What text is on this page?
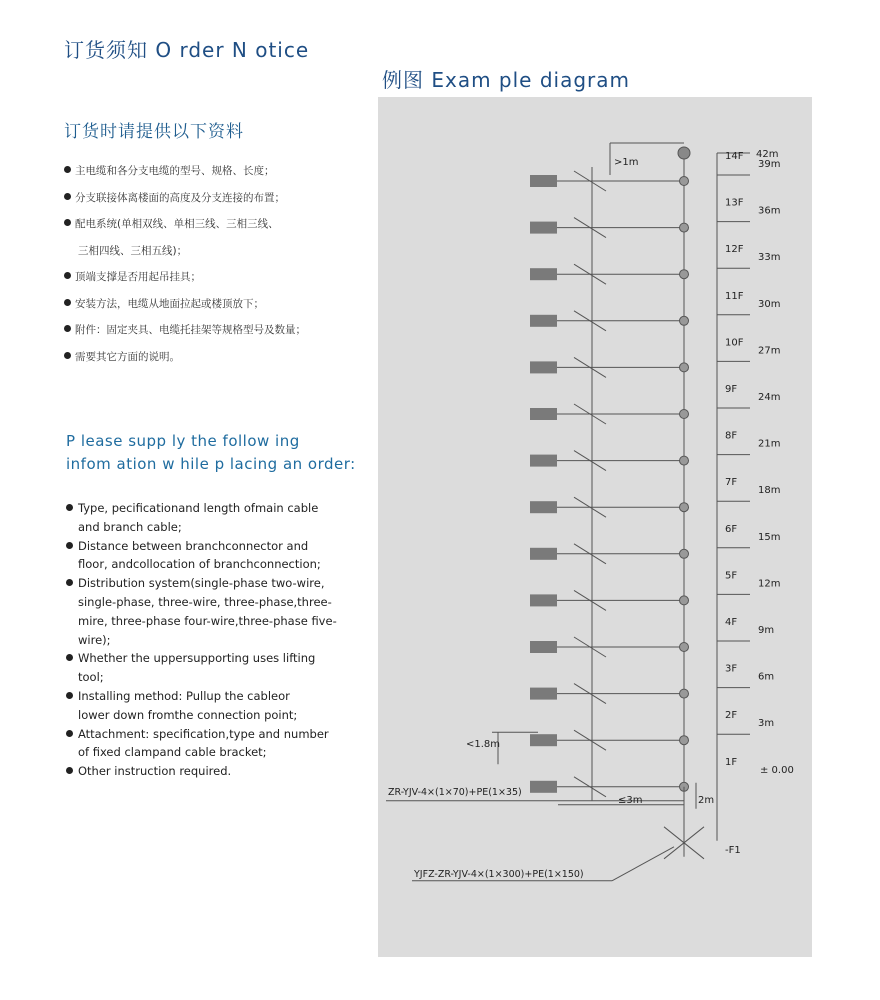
订货须知 O rder N otice
例图 Exam ple diagram
订货时请提供以下资料
主电缆和各分支电缆的型号、规格、长度；
分支联接体离楼面的高度及分支连接的布置；
配电系统(单相双线、单相三线、三相三线、
三相四线、三相五线)；
顶端支撑是否用起吊挂具；
安装方法，电缆从地面拉起或楼顶放下；
附件：固定夹具、电缆托挂架等规格型号及数量；
需要其它方面的说明。
P lease supp ly the follow ing
infom ation w hile p lacing an order:
Type, pecificationand length ofmain cable
and branch cable;
Distance between branchconnector and
floor, andcollocation of branchconnection;
Distribution system(single-phase two-wire,
single-phase, three-wire, three-phase,three-
mire, three-phase four-wire,three-phase five-
wire);
Whether the uppersupporting uses lifting
tool;
Installing method: Pullup the cableor
lower down fromthe connection point;
Attachment: specification,type and number
of fixed clampand cable bracket;
Other instruction required.
>1m
42m
14F
39m
13F
36m
12F
33m
11F
30m
10F
27m
9F
24m
8F
21m
7F
18m
6F
15m
5F
12m
4F
9m
3F
6m
2F
3m
1F
± 0.00
ZR-YJV-4×(1×70)+PE(1×35)
≤3m
<1.8m
2m
-F1
YJFZ-ZR-YJV-4×(1×300)+PE(1×150)
